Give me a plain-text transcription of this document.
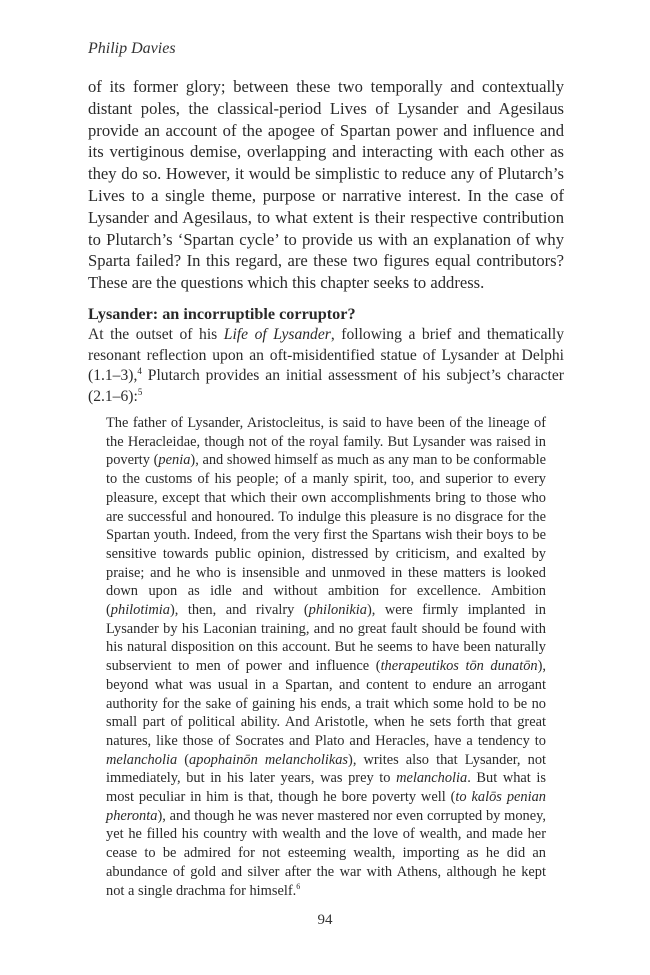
Philip Davies

of its former glory; between these two temporally and contextually distant poles, the classical-period Lives of Lysander and Agesilaus provide an account of the apogee of Spartan power and influence and its vertiginous demise, overlapping and interacting with each other as they do so. However, it would be simplistic to reduce any of Plutarch’s Lives to a single theme, purpose or narrative interest. In the case of Lysander and Agesilaus, to what extent is their respective contribution to Plutarch’s ‘Spartan cycle’ to provide us with an explanation of why Sparta failed? In this regard, are these two figures equal contributors? These are the questions which this chapter seeks to address.

Lysander: an incorruptible corruptor?

At the outset of his Life of Lysander, following a brief and thematically resonant reflection upon an oft-misidentified statue of Lysander at Delphi (1.1–3),$^4$ Plutarch provides an initial assessment of his subject’s character (2.1–6):$^5$

The father of Lysander, Aristocleitus, is said to have been of the lineage of the Heracleidae, though not of the royal family. But Lysander was raised in poverty (penia), and showed himself as much as any man to be conformable to the customs of his people; of a manly spirit, too, and superior to every pleasure, except that which their own accomplishments bring to those who are successful and honoured. To indulge this pleasure is no disgrace for the Spartan youth. Indeed, from the very first the Spartans wish their boys to be sensitive towards public opinion, distressed by criticism, and exalted by praise; and he who is insensible and unmoved in these matters is looked down upon as idle and without ambition for excellence. Ambition (philotimia), then, and rivalry (philonikia), were firmly implanted in Lysander by his Laconian training, and no great fault should be found with his natural disposition on this account. But he seems to have been naturally subservient to men of power and influence (therapeutikos tōn dunatōn), beyond what was usual in a Spartan, and content to endure an arrogant authority for the sake of gaining his ends, a trait which some hold to be no small part of political ability. And Aristotle, when he sets forth that great natures, like those of Socrates and Plato and Heracles, have a tendency to melancholia (apophainōn melancholikas), writes also that Lysander, not immediately, but in his later years, was prey to melancholia. But what is most peculiar in him is that, though he bore poverty well (to kalōs penian pheronta), and though he was never mastered nor even corrupted by money, yet he filled his country with wealth and the love of wealth, and made her cease to be admired for not esteeming wealth, importing as he did an abundance of gold and silver after the war with Athens, although he kept not a single drachma for himself.$^6$

94
